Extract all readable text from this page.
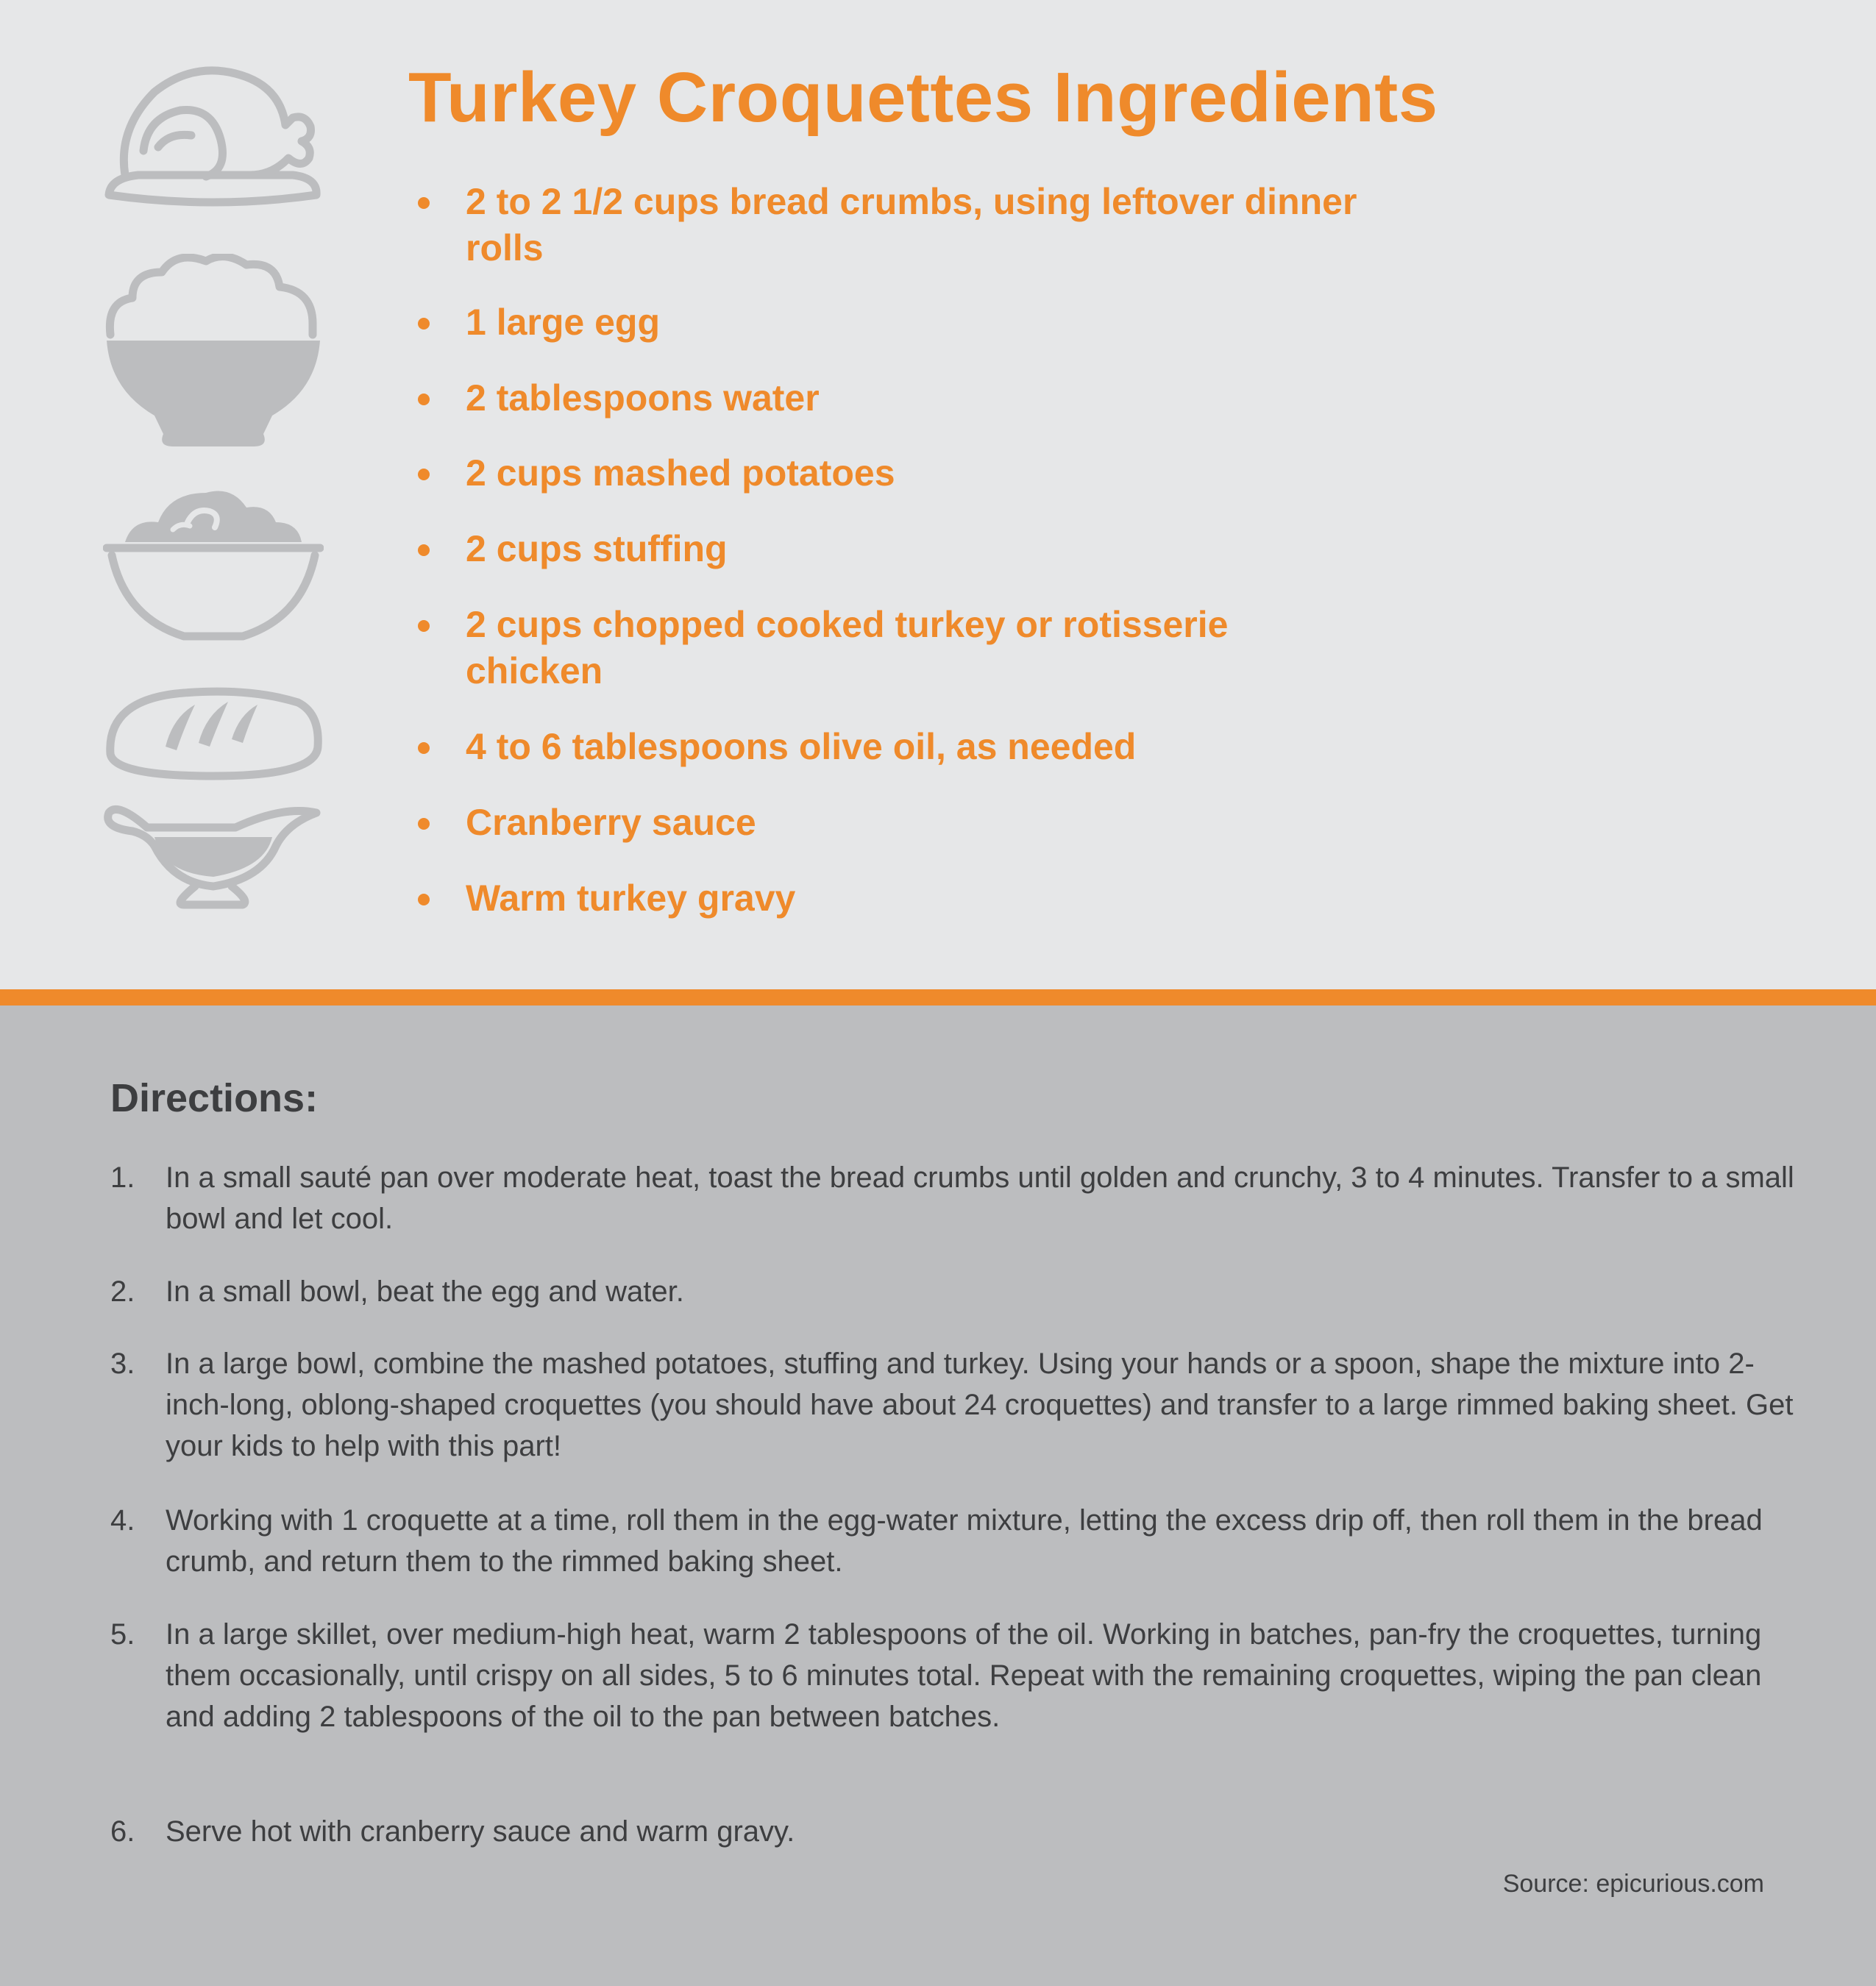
Turkey Croquettes Ingredients
2 to 2 1/2 cups bread crumbs, using leftover dinner rolls
1 large egg
2 tablespoons water
2 cups mashed potatoes
2 cups stuffing
2 cups chopped cooked turkey or rotisserie chicken
4 to 6 tablespoons olive oil, as needed
Cranberry sauce
Warm turkey gravy
Directions:
1. In a small sauté pan over moderate heat, toast the bread crumbs until golden and crunchy, 3 to 4 minutes. Transfer to a small bowl and let cool.
2. In a small bowl, beat the egg and water.
3. In a large bowl, combine the mashed potatoes, stuffing and turkey. Using your hands or a spoon, shape the mixture into 2-inch-long, oblong-shaped croquettes (you should have about 24 croquettes) and transfer to a large rimmed baking sheet. Get your kids to help with this part!
4. Working with 1 croquette at a time, roll them in the egg-water mixture, letting the excess drip off, then roll them in the bread crumb, and return them to the rimmed baking sheet.
5. In a large skillet, over medium-high heat, warm 2 tablespoons of the oil. Working in batches, pan-fry the croquettes, turning them occasionally, until crispy on all sides, 5 to 6 minutes total. Repeat with the remaining croquettes, wiping the pan clean and adding 2 tablespoons of the oil to the pan between batches.
6. Serve hot with cranberry sauce and warm gravy.
Source: epicurious.com
